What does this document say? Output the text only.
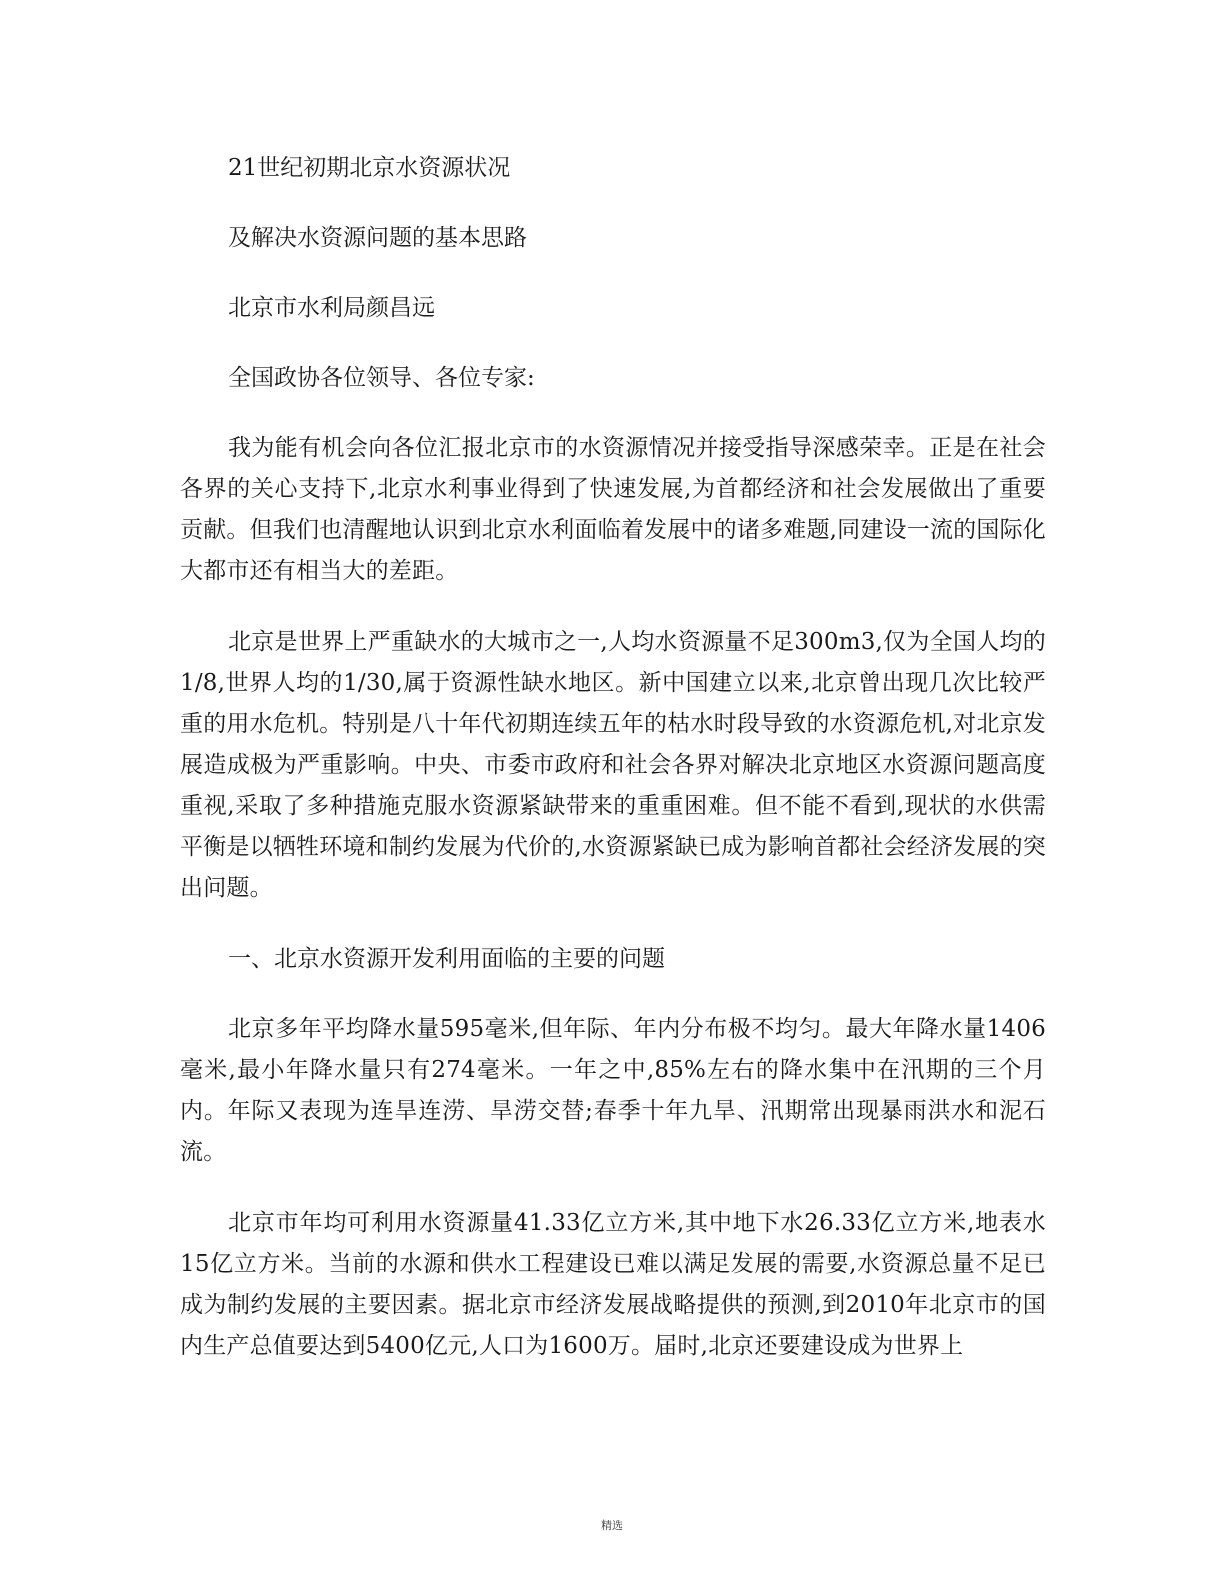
21世纪初期北京水资源状况
及解决水资源问题的基本思路
北京市水利局颜昌远
全国政协各位领导、各位专家:

我为能有机会向各位汇报北京市的水资源情况并接受指导深感荣幸。正是在社会各界的关心支持下,北京水利事业得到了快速发展,为首都经济和社会发展做出了重要贡献。但我们也清醒地认识到北京水利面临着发展中的诸多难题,同建设一流的国际化大都市还有相当大的差距。

北京是世界上严重缺水的大城市之一,人均水资源量不足300m3,仅为全国人均的1/8,世界人均的1/30,属于资源性缺水地区。新中国建立以来,北京曾出现几次比较严重的用水危机。特别是八十年代初期连续五年的枯水时段导致的水资源危机,对北京发展造成极为严重影响。中央、市委市政府和社会各界对解决北京地区水资源问题高度重视,采取了多种措施克服水资源紧缺带来的重重困难。但不能不看到,现状的水供需平衡是以牺牲环境和制约发展为代价的,水资源紧缺已成为影响首都社会经济发展的突出问题。

一、北京水资源开发利用面临的主要的问题

北京多年平均降水量595毫米,但年际、年内分布极不均匀。最大年降水量1406毫米,最小年降水量只有274毫米。一年之中,85%左右的降水集中在汛期的三个月内。年际又表现为连旱连涝、旱涝交替;春季十年九旱、汛期常出现暴雨洪水和泥石流。

北京市年均可利用水资源量41.33亿立方米,其中地下水26.33亿立方米,地表水15亿立方米。当前的水源和供水工程建设已难以满足发展的需要,水资源总量不足已成为制约发展的主要因素。据北京市经济发展战略提供的预测,到2010年北京市的国内生产总值要达到5400亿元,人口为1600万。届时,北京还要建设成为世界上

精选
